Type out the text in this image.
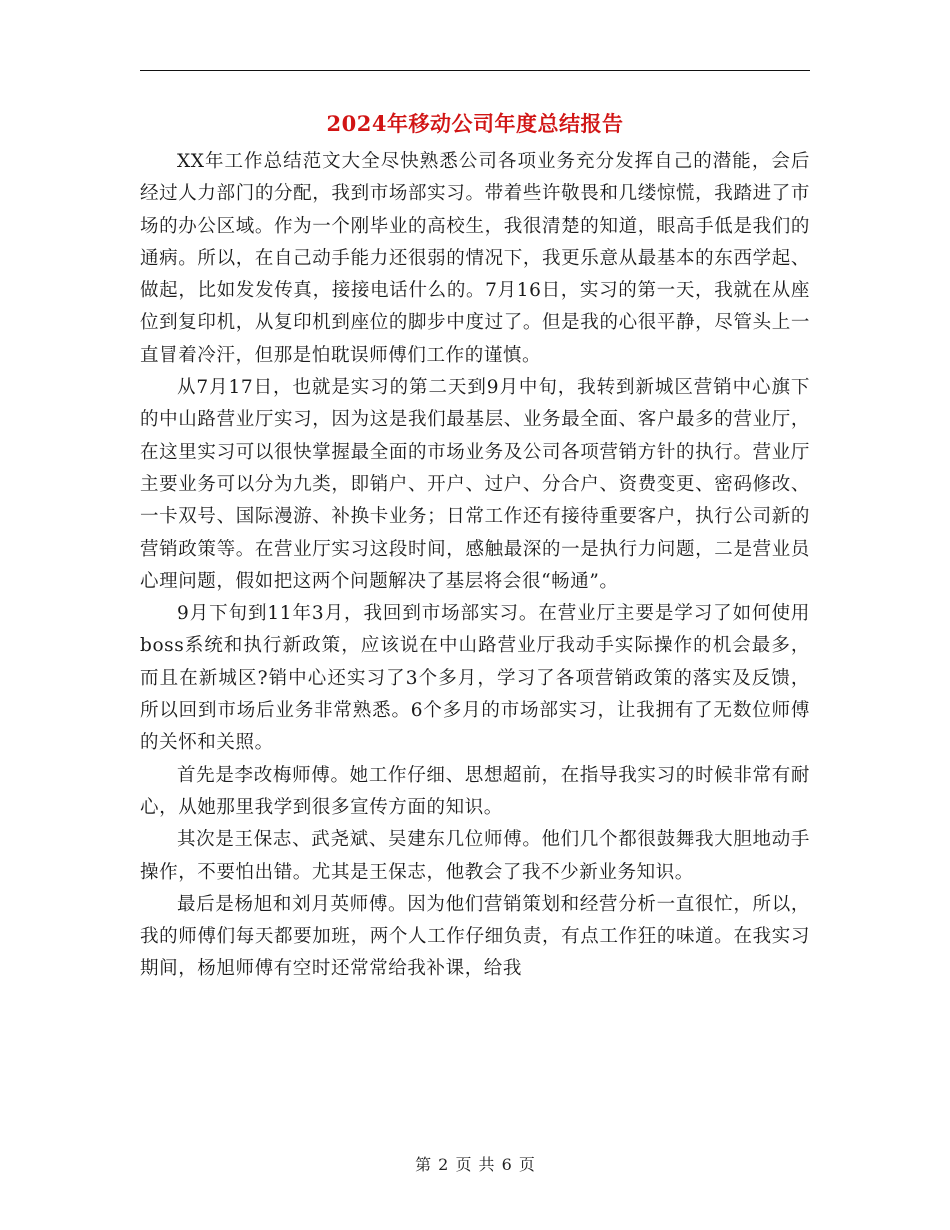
2024年移动公司年度总结报告

XX年工作总结范文大全尽快熟悉公司各项业务充分发挥自己的潜能，会后经过人力部门的分配，我到市场部实习。带着些许敬畏和几缕惊慌，我踏进了市场的办公区域。作为一个刚毕业的高校生，我很清楚的知道，眼高手低是我们的通病。所以，在自己动手能力还很弱的情况下，我更乐意从最基本的东西学起、做起，比如发发传真，接接电话什么的。7月16日，实习的第一天，我就在从座位到复印机，从复印机到座位的脚步中度过了。但是我的心很平静，尽管头上一直冒着冷汗，但那是怕耽误师傅们工作的谨慎。

从7月17日，也就是实习的第二天到9月中旬，我转到新城区营销中心旗下的中山路营业厅实习，因为这是我们最基层、业务最全面、客户最多的营业厅，在这里实习可以很快掌握最全面的市场业务及公司各项营销方针的执行。营业厅主要业务可以分为九类，即销户、开户、过户、分合户、资费变更、密码修改、一卡双号、国际漫游、补换卡业务；日常工作还有接待重要客户，执行公司新的营销政策等。在营业厅实习这段时间，感触最深的一是执行力问题，二是营业员心理问题，假如把这两个问题解决了基层将会很“畅通”。

9月下旬到11年3月，我回到市场部实习。在营业厅主要是学习了如何使用boss系统和执行新政策，应该说在中山路营业厅我动手实际操作的机会最多，而且在新城区?销中心还实习了3个多月，学习了各项营销政策的落实及反馈，所以回到市场后业务非常熟悉。6个多月的市场部实习，让我拥有了无数位师傅的关怀和关照。

首先是李改梅师傅。她工作仔细、思想超前，在指导我实习的时候非常有耐心，从她那里我学到很多宣传方面的知识。

其次是王保志、武尧斌、吴建东几位师傅。他们几个都很鼓舞我大胆地动手操作，不要怕出错。尤其是王保志，他教会了我不少新业务知识。

最后是杨旭和刘月英师傅。因为他们营销策划和经营分析一直很忙，所以，我的师傅们每天都要加班，两个人工作仔细负责，有点工作狂的味道。在我实习期间，杨旭师傅有空时还常常给我补课，给我

第 2 页 共 6 页
